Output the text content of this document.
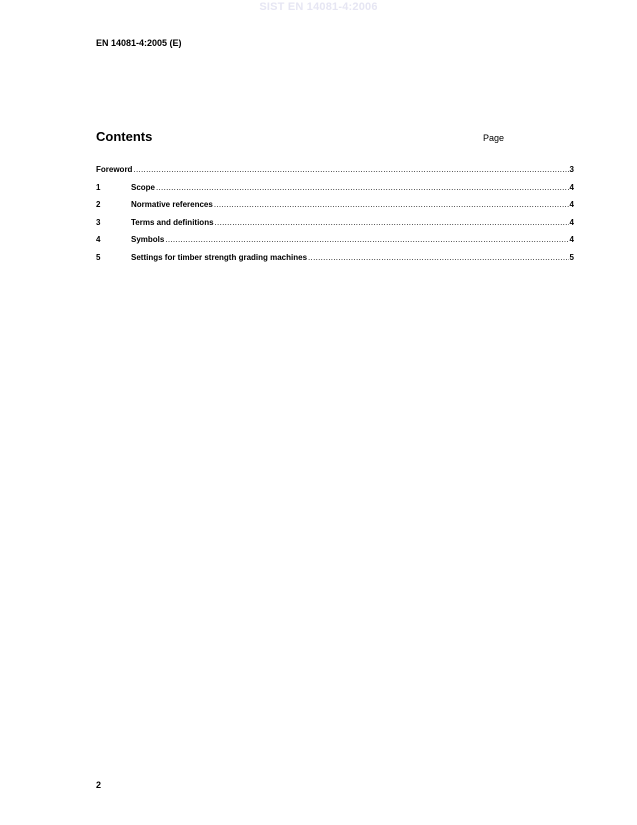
SIST EN 14081-4:2006
EN 14081-4:2005 (E)
Contents	Page
Foreword .....	3
1	Scope .....	4
2	Normative references .....	4
3	Terms and definitions .....	4
4	Symbols .....	4
5	Settings for timber strength grading machines .....	5
2
